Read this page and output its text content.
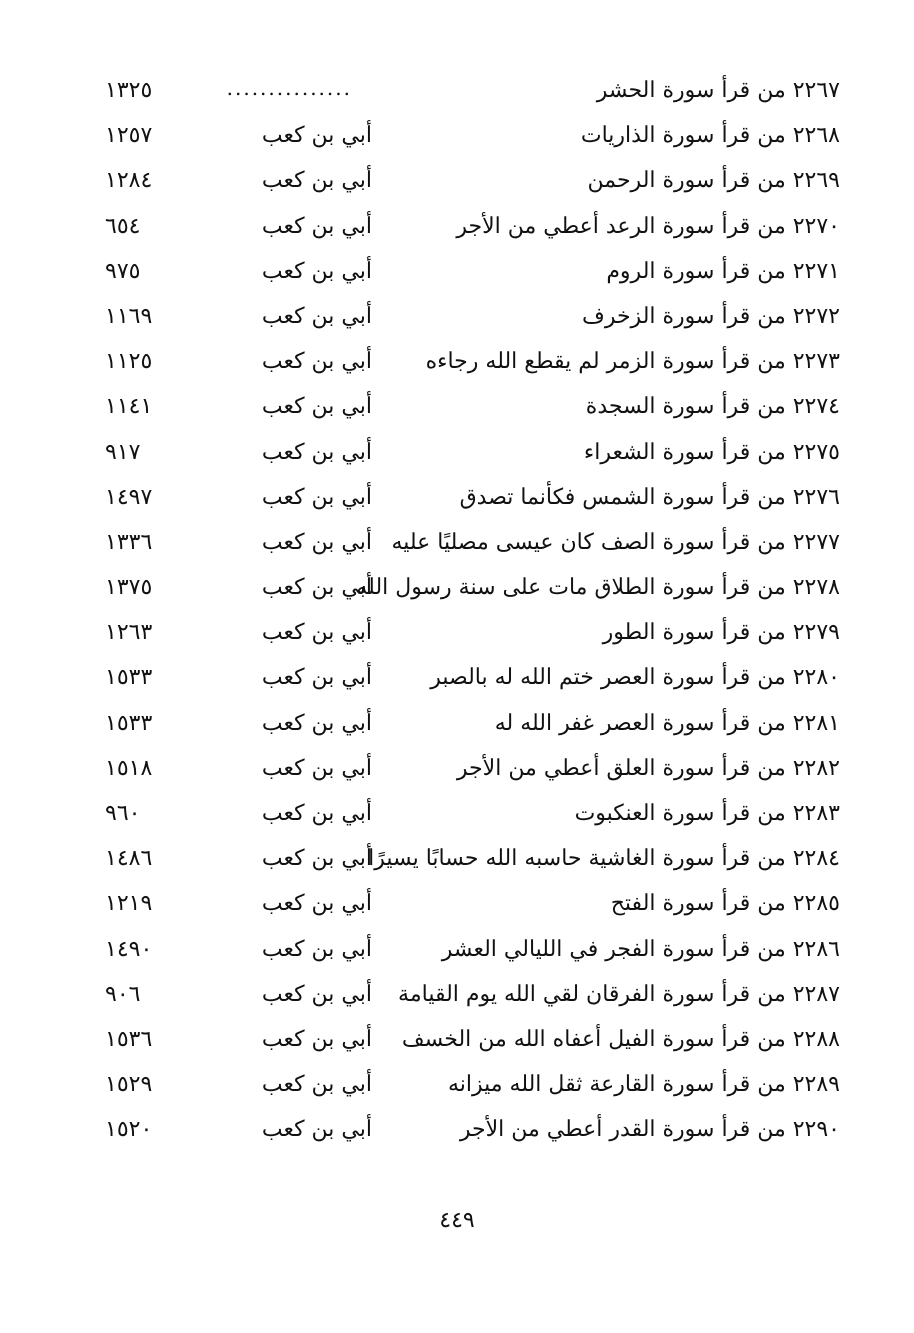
٢٢٦٧ من قرأ سورة الحشر
...............
١٣٢٥
٢٢٦٨ من قرأ سورة الذاريات
أبي بن كعب
١٢٥٧
٢٢٦٩ من قرأ سورة الرحمن
أبي بن كعب
١٢٨٤
٢٢٧٠ من قرأ سورة الرعد أعطي من الأجر
أبي بن كعب
٦٥٤
٢٢٧١ من قرأ سورة الروم
أبي بن كعب
٩٧٥
٢٢٧٢ من قرأ سورة الزخرف
أبي بن كعب
١١٦٩
٢٢٧٣ من قرأ سورة الزمر لم يقطع الله رجاءه
أبي بن كعب
١١٢٥
٢٢٧٤ من قرأ سورة السجدة
أبي بن كعب
١١٤١
٢٢٧٥ من قرأ سورة الشعراء
أبي بن كعب
٩١٧
٢٢٧٦ من قرأ سورة الشمس فكأنما تصدق
أبي بن كعب
١٤٩٧
٢٢٧٧ من قرأ سورة الصف كان عيسى مصليًا عليه
أبي بن كعب
١٣٣٦
٢٢٧٨ من قرأ سورة الطلاق مات على سنة رسول الله
أبي بن كعب
١٣٧٥
٢٢٧٩ من قرأ سورة الطور
أبي بن كعب
١٢٦٣
٢٢٨٠ من قرأ سورة العصر ختم الله له بالصبر
أبي بن كعب
١٥٣٣
٢٢٨١ من قرأ سورة العصر غفر الله له
أبي بن كعب
١٥٣٣
٢٢٨٢ من قرأ سورة العلق أعطي من الأجر
أبي بن كعب
١٥١٨
٢٢٨٣ من قرأ سورة العنكبوت
أبي بن كعب
٩٦٠
٢٢٨٤ من قرأ سورة الغاشية حاسبه الله حسابًا يسيرًا
أبي بن كعب
١٤٨٦
٢٢٨٥ من قرأ سورة الفتح
أبي بن كعب
١٢١٩
٢٢٨٦ من قرأ سورة الفجر في الليالي العشر
أبي بن كعب
١٤٩٠
٢٢٨٧ من قرأ سورة الفرقان لقي الله يوم القيامة
أبي بن كعب
٩٠٦
٢٢٨٨ من قرأ سورة الفيل أعفاه الله من الخسف
أبي بن كعب
١٥٣٦
٢٢٨٩ من قرأ سورة القارعة ثقل الله ميزانه
أبي بن كعب
١٥٢٩
٢٢٩٠ من قرأ سورة القدر أعطي من الأجر
أبي بن كعب
١٥٢٠
٤٤٩
